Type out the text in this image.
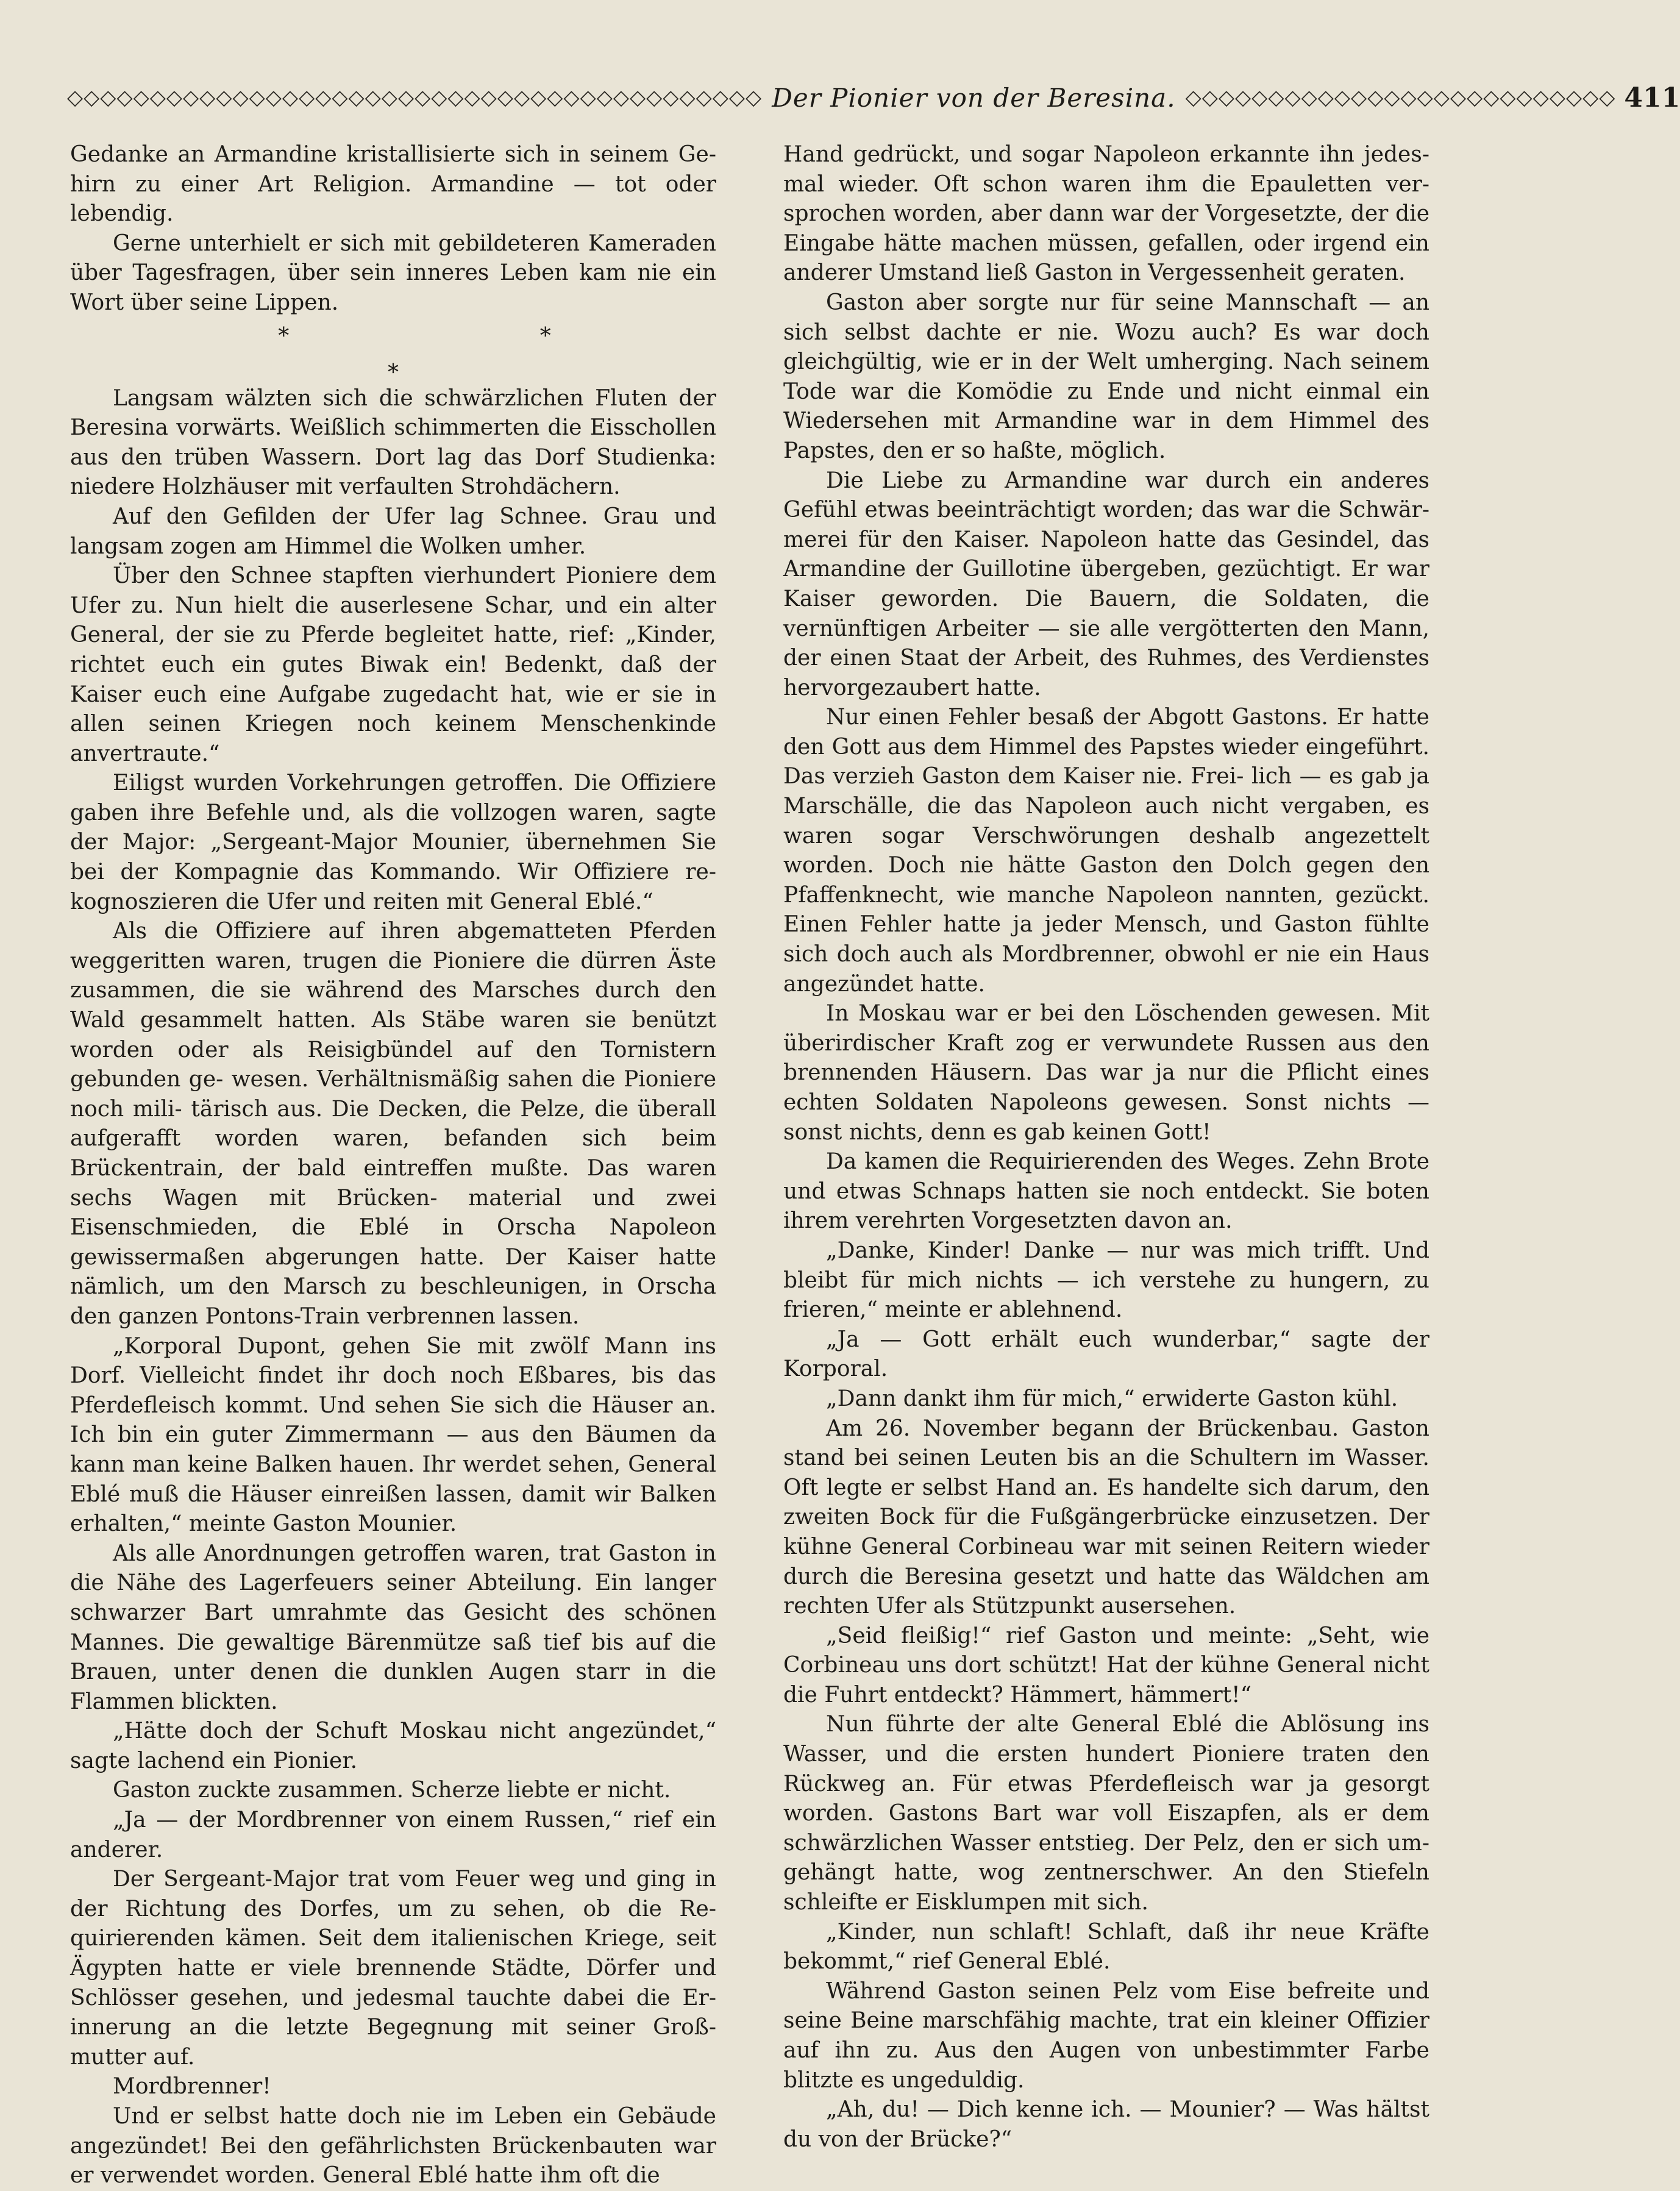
◇◇◇◇◇◇◇◇◇◇◇◇◇◇◇◇◇◇◇◇◇◇◇◇◇◇◇◇◇◇◇◇◇◇◇◇◇◇◇◇◇◇ Der Pionier von der Beresina. ◇◇◇◇◇◇◇◇◇◇◇◇◇◇◇◇◇◇◇◇◇◇◇◇◇◇ 411

Gedanke an Armandine kristallisierte sich in seinem Ge- hirn zu einer Art Religion. Armandine — tot oder lebendig.

Gerne unterhielt er sich mit gebildeteren Kameraden über Tagesfragen, über sein inneres Leben kam nie ein Wort über seine Lippen.

* * *

Langsam wälzten sich die schwärzlichen Fluten der Beresina vorwärts. Weißlich schimmerten die Eisschollen aus den trüben Wassern. Dort lag das Dorf Studienka: niedere Holzhäuser mit verfaulten Strohdächern.

Auf den Gefilden der Ufer lag Schnee. Grau und langsam zogen am Himmel die Wolken umher.

Über den Schnee stapften vierhundert Pioniere dem Ufer zu. Nun hielt die auserlesene Schar, und ein alter General, der sie zu Pferde begleitet hatte, rief: „Kinder, richtet euch ein gutes Biwak ein! Bedenkt, daß der Kaiser euch eine Aufgabe zugedacht hat, wie er sie in allen seinen Kriegen noch keinem Menschenkinde anvertraute.“

Eiligst wurden Vorkehrungen getroffen. Die Offiziere gaben ihre Befehle und, als die vollzogen waren, sagte der Major: „Sergeant-Major Mounier, übernehmen Sie bei der Kompagnie das Kommando. Wir Offiziere re- kognoszieren die Ufer und reiten mit General Eblé.“

Als die Offiziere auf ihren abgematteten Pferden weggeritten waren, trugen die Pioniere die dürren Äste zusammen, die sie während des Marsches durch den Wald gesammelt hatten. Als Stäbe waren sie benützt worden oder als Reisigbündel auf den Tornistern gebunden ge- wesen. Verhältnismäßig sahen die Pioniere noch mili- tärisch aus. Die Decken, die Pelze, die überall aufgerafft worden waren, befanden sich beim Brückentrain, der bald eintreffen mußte. Das waren sechs Wagen mit Brücken- material und zwei Eisenschmieden, die Eblé in Orscha Napoleon gewissermaßen abgerungen hatte. Der Kaiser hatte nämlich, um den Marsch zu beschleunigen, in Orscha den ganzen Pontons-Train verbrennen lassen.

„Korporal Dupont, gehen Sie mit zwölf Mann ins Dorf. Vielleicht findet ihr doch noch Eßbares, bis das Pferdefleisch kommt. Und sehen Sie sich die Häuser an. Ich bin ein guter Zimmermann — aus den Bäumen da kann man keine Balken hauen. Ihr werdet sehen, General Eblé muß die Häuser einreißen lassen, damit wir Balken erhalten,“ meinte Gaston Mounier.

Als alle Anordnungen getroffen waren, trat Gaston in die Nähe des Lagerfeuers seiner Abteilung. Ein langer schwarzer Bart umrahmte das Gesicht des schönen Mannes. Die gewaltige Bärenmütze saß tief bis auf die Brauen, unter denen die dunklen Augen starr in die Flammen blickten.

„Hätte doch der Schuft Moskau nicht angezündet,“ sagte lachend ein Pionier.

Gaston zuckte zusammen. Scherze liebte er nicht.

„Ja — der Mordbrenner von einem Russen,“ rief ein anderer.

Der Sergeant-Major trat vom Feuer weg und ging in der Richtung des Dorfes, um zu sehen, ob die Re- quirierenden kämen. Seit dem italienischen Kriege, seit Ägypten hatte er viele brennende Städte, Dörfer und Schlösser gesehen, und jedesmal tauchte dabei die Er- innerung an die letzte Begegnung mit seiner Groß- mutter auf.

Mordbrenner!

Und er selbst hatte doch nie im Leben ein Gebäude angezündet! Bei den gefährlichsten Brückenbauten war er verwendet worden. General Eblé hatte ihm oft die

Hand gedrückt, und sogar Napoleon erkannte ihn jedes- mal wieder. Oft schon waren ihm die Epauletten ver- sprochen worden, aber dann war der Vorgesetzte, der die Eingabe hätte machen müssen, gefallen, oder irgend ein anderer Umstand ließ Gaston in Vergessenheit geraten.

Gaston aber sorgte nur für seine Mannschaft — an sich selbst dachte er nie. Wozu auch? Es war doch gleichgültig, wie er in der Welt umherging. Nach seinem Tode war die Komödie zu Ende und nicht einmal ein Wiedersehen mit Armandine war in dem Himmel des Papstes, den er so haßte, möglich.

Die Liebe zu Armandine war durch ein anderes Gefühl etwas beeinträchtigt worden; das war die Schwär- merei für den Kaiser. Napoleon hatte das Gesindel, das Armandine der Guillotine übergeben, gezüchtigt. Er war Kaiser geworden. Die Bauern, die Soldaten, die vernünftigen Arbeiter — sie alle vergötterten den Mann, der einen Staat der Arbeit, des Ruhmes, des Verdienstes hervorgezaubert hatte.

Nur einen Fehler besaß der Abgott Gastons. Er hatte den Gott aus dem Himmel des Papstes wieder eingeführt. Das verzieh Gaston dem Kaiser nie. Frei- lich — es gab ja Marschälle, die das Napoleon auch nicht vergaben, es waren sogar Verschwörungen deshalb angezettelt worden. Doch nie hätte Gaston den Dolch gegen den Pfaffenknecht, wie manche Napoleon nannten, gezückt. Einen Fehler hatte ja jeder Mensch, und Gaston fühlte sich doch auch als Mordbrenner, obwohl er nie ein Haus angezündet hatte.

In Moskau war er bei den Löschenden gewesen. Mit überirdischer Kraft zog er verwundete Russen aus den brennenden Häusern. Das war ja nur die Pflicht eines echten Soldaten Napoleons gewesen. Sonst nichts — sonst nichts, denn es gab keinen Gott!

Da kamen die Requirierenden des Weges. Zehn Brote und etwas Schnaps hatten sie noch entdeckt. Sie boten ihrem verehrten Vorgesetzten davon an.

„Danke, Kinder! Danke — nur was mich trifft. Und bleibt für mich nichts — ich verstehe zu hungern, zu frieren,“ meinte er ablehnend.

„Ja — Gott erhält euch wunderbar,“ sagte der Korporal.

„Dann dankt ihm für mich,“ erwiderte Gaston kühl.

Am 26. November begann der Brückenbau. Gaston stand bei seinen Leuten bis an die Schultern im Wasser. Oft legte er selbst Hand an. Es handelte sich darum, den zweiten Bock für die Fußgängerbrücke einzusetzen. Der kühne General Corbineau war mit seinen Reitern wieder durch die Beresina gesetzt und hatte das Wäldchen am rechten Ufer als Stützpunkt ausersehen.

„Seid fleißig!“ rief Gaston und meinte: „Seht, wie Corbineau uns dort schützt! Hat der kühne General nicht die Fuhrt entdeckt? Hämmert, hämmert!“

Nun führte der alte General Eblé die Ablösung ins Wasser, und die ersten hundert Pioniere traten den Rückweg an. Für etwas Pferdefleisch war ja gesorgt worden. Gastons Bart war voll Eiszapfen, als er dem schwärzlichen Wasser entstieg. Der Pelz, den er sich um- gehängt hatte, wog zentnerschwer. An den Stiefeln schleifte er Eisklumpen mit sich.

„Kinder, nun schlaft! Schlaft, daß ihr neue Kräfte bekommt,“ rief General Eblé.

Während Gaston seinen Pelz vom Eise befreite und seine Beine marschfähig machte, trat ein kleiner Offizier auf ihn zu. Aus den Augen von unbestimmter Farbe blitzte es ungeduldig.

„Ah, du! — Dich kenne ich. — Mounier? — Was hältst du von der Brücke?“
